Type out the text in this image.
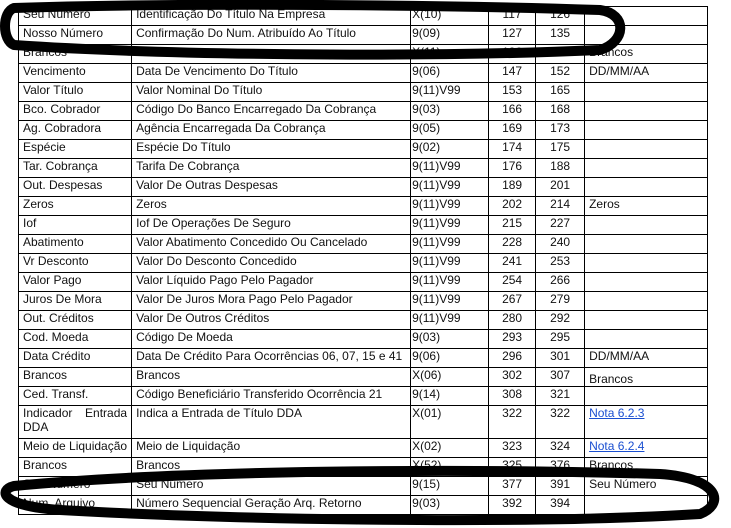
Seu Número	Identificação Do Título Na Empresa	X(10)	117	126	
Nosso Número	Confirmação Do Num. Atribuído Ao Título	9(09)	127	135	
Brancos	Brancos	X(11)	136	146	Brancos
Vencimento	Data De Vencimento Do Título	9(06)	147	152	DD/MM/AA
Valor Título	Valor Nominal Do Título	9(11)V99	153	165	
Bco. Cobrador	Código Do Banco Encarregado Da Cobrança	9(03)	166	168	
Ag. Cobradora	Agência Encarregada Da Cobrança	9(05)	169	173	
Espécie	Espécie Do Título	9(02)	174	175	
Tar. Cobrança	Tarifa De Cobrança	9(11)V99	176	188	
Out. Despesas	Valor De Outras Despesas	9(11)V99	189	201	
Zeros	Zeros	9(11)V99	202	214	Zeros
Iof	Iof De Operações De Seguro	9(11)V99	215	227	
Abatimento	Valor Abatimento Concedido Ou Cancelado	9(11)V99	228	240	
Vr Desconto	Valor Do Desconto Concedido	9(11)V99	241	253	
Valor Pago	Valor Líquido Pago Pelo Pagador	9(11)V99	254	266	
Juros De Mora	Valor De Juros Mora Pago Pelo Pagador	9(11)V99	267	279	
Out. Créditos	Valor De Outros Créditos	9(11)V99	280	292	
Cod. Moeda	Código De Moeda	9(03)	293	295	
Data Crédito	Data De Crédito Para Ocorrências 06, 07, 15 e 41	9(06)	296	301	DD/MM/AA
Brancos	Brancos	X(06)	302	307	Brancos
Ced. Transf.	Código Beneficiário Transferido Ocorrência 21	9(14)	308	321	

Indicador Entrada DDA	Indica a Entrada de Título DDA	X(01)	322	322	Nota 6.2.3
Meio de Liquidação	Meio de Liquidação	X(02)	323	324	Nota 6.2.4
Brancos	Brancos	X(52)	325	376	Brancos
Seu Número	Seu Número	9(15)	377	391	Seu Número
Num. Arquivo	Número Sequencial Geração Arq. Retorno	9(03)	392	394	
